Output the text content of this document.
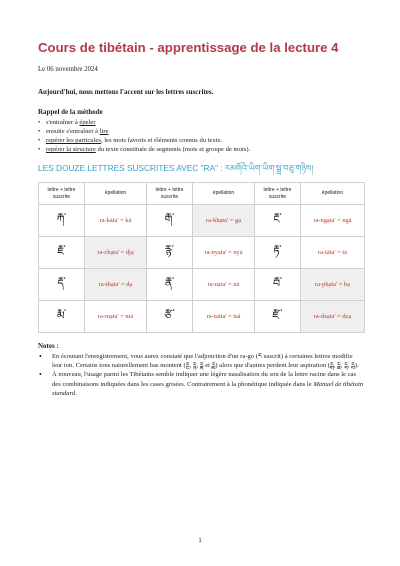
Cours de tibétain - apprentissage de la lecture 4
Le 06 novembre 2024
Aujourd'hui, nous mettons l'accent sur les lettres suscrites.
Rappel de la méthode
• s'entraîner à épeler
• ensuite s'entraîner à lire
• repérer les particules, les mots favoris et éléments connus du texte.
• repérer la structure du texte constituée de segments (mots et groupe de mots).
LES DOUZE LETTRES SUSCRITES AVEC "RA" : རམགོའི་ཡིག་ཡིག་སྒྲ་བཅུ་གཉིས།
lettre + lettre suscrite	épellation	lettre + lettre suscrite	épellation	lettre + lettre suscrite	épellation
རྐ་	ra-kāta' = kā	རྒ་	ra-khạta' = gạ	རྔ་	ra-ngạta' = ngā
རྗ་	ra-chạta' = djạ	རྙ་	ra-nyạta' = nyā	རྟ་	ra-tāta' = tā
རྡ་	ra-thạta' = dạ	རྣ་	ra-nạta' = nā	རྦ་	ra-phạta' = bạ
རྨ་	ra-mạta' = mā	རྩ་	ra-tsāta' = tsā	རྫ་	ra-dzạta' = dzạ
Notes :
• En écoutant l'enregistrement, vous aurez constaté que l'adjonction d'un ra-go (ར suscrit) à certaines lettres modifie leur ton. Certains tons naturellement bas montent (ཪྔ, ཪྙ, ཪྣ et ཪྨ) alors que d'autres perdent leur aspiration (ཪྒ, ཪྗ, ཪྡ, ཪྦ).
• À nouveau, l'usage parmi les Tibétains semble indiquer une légère nasalisation du son de la lettre racine dans le cas des combinaisons indiquées dans les cases grisées. Contrairement à la phonétique indiquée dans le Manuel de tibétain standard.
1
